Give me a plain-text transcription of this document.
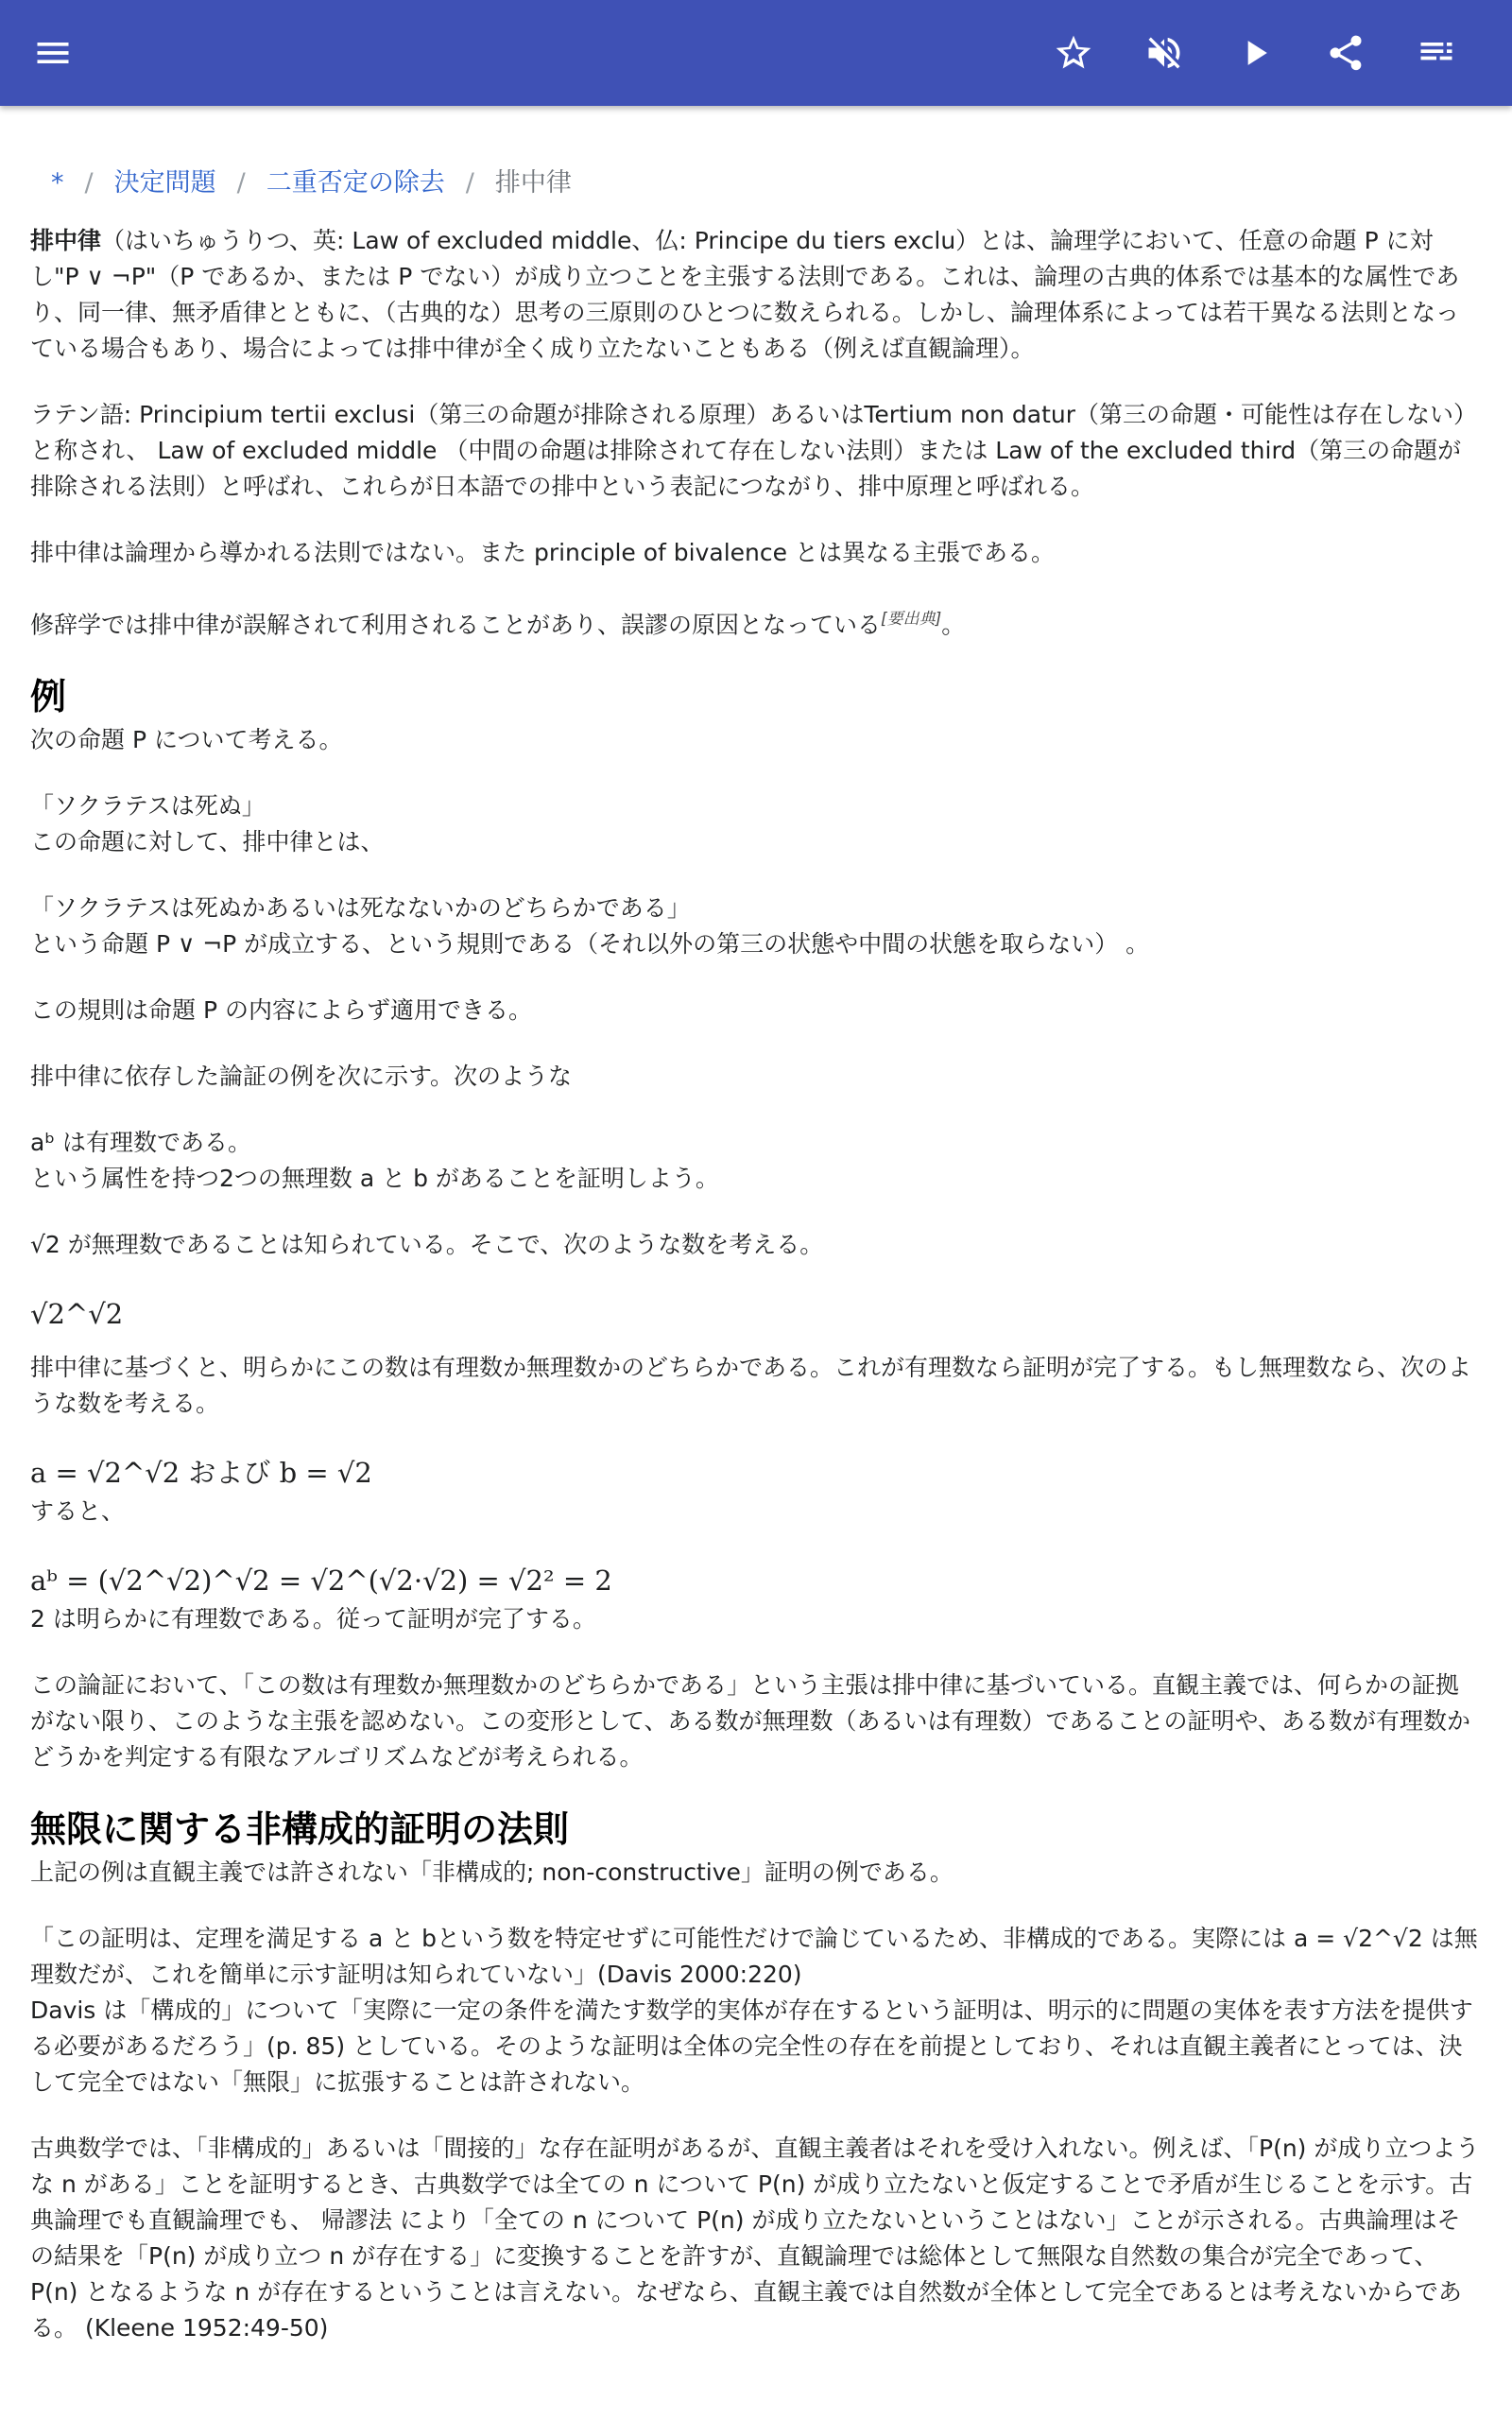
* / 決定問題 / 二重否定の除去 / 排中律

排中律（はいちゅうりつ、英: Law of excluded middle、仏: Principe du tiers exclu）とは、論理学において、任意の命題 P に対し"P ∨ ¬P"（P であるか、または P でない）が成り立つことを主張する法則である。これは、論理の古典的体系では基本的な属性であり、同一律、無矛盾律とともに、（古典的な）思考の三原則のひとつに数えられる。しかし、論理体系によっては若干異なる法則となっている場合もあり、場合によっては排中律が全く成り立たないこともある（例えば直観論理）。

ラテン語: Principium tertii exclusi（第三の命題が排除される原理）あるいはTertium non datur（第三の命題・可能性は存在しない）と称され、 Law of excluded middle （中間の命題は排除されて存在しない法則）または Law of the excluded third（第三の命題が排除される法則）と呼ばれ、これらが日本語での排中という表記につながり、排中原理と呼ばれる。

排中律は論理から導かれる法則ではない。また principle of bivalence とは異なる主張である。

修辞学では排中律が誤解されて利用されることがあり、誤謬の原因となっている[要出典]。

例

次の命題 P について考える。

「ソクラテスは死ぬ」
この命題に対して、排中律とは、

「ソクラテスは死ぬかあるいは死なないかのどちらかである」
という命題 P ∨ ¬P が成立する、という規則である（それ以外の第三の状態や中間の状態を取らない） 。

この規則は命題 P の内容によらず適用できる。

排中律に依存した論証の例を次に示す。次のような

aᵇ は有理数である。
という属性を持つ2つの無理数 a と b があることを証明しよう。

√2 が無理数であることは知られている。そこで、次のような数を考える。

√2^√2

排中律に基づくと、明らかにこの数は有理数か無理数かのどちらかである。これが有理数なら証明が完了する。もし無理数なら、次のような数を考える。

a = √2^√2 および b = √2

すると、

aᵇ = (√2^√2)^√2 = √2^(√2·√2) = √2² = 2

2 は明らかに有理数である。従って証明が完了する。

この論証において、「この数は有理数か無理数かのどちらかである」という主張は排中律に基づいている。直観主義では、何らかの証拠がない限り、このような主張を認めない。この変形として、ある数が無理数（あるいは有理数）であることの証明や、ある数が有理数かどうかを判定する有限なアルゴリズムなどが考えられる。

無限に関する非構成的証明の法則

上記の例は直観主義では許されない「非構成的; non-constructive」証明の例である。

「この証明は、定理を満足する a と bという数を特定せずに可能性だけで論じているため、非構成的である。実際には a = √2^√2 は無理数だが、これを簡単に示す証明は知られていない」(Davis 2000:220)
Davis は「構成的」について「実際に一定の条件を満たす数学的実体が存在するという証明は、明示的に問題の実体を表す方法を提供する必要があるだろう」(p. 85) としている。そのような証明は全体の完全性の存在を前提としており、それは直観主義者にとっては、決して完全ではない「無限」に拡張することは許されない。

古典数学では、「非構成的」あるいは「間接的」な存在証明があるが、直観主義者はそれを受け入れない。例えば、「P(n) が成り立つような n がある」ことを証明するとき、古典数学では全ての n について P(n) が成り立たないと仮定することで矛盾が生じることを示す。古典論理でも直観論理でも、 帰謬法 により「全ての n について P(n) が成り立たないということはない」ことが示される。古典論理はその結果を「P(n) が成り立つ n が存在する」に変換することを許すが、直観論理では総体として無限な自然数の集合が完全であって、P(n) となるような n が存在するということは言えない。なぜなら、直観主義では自然数が全体として完全であるとは考えないからである。 (Kleene 1952:49-50)
